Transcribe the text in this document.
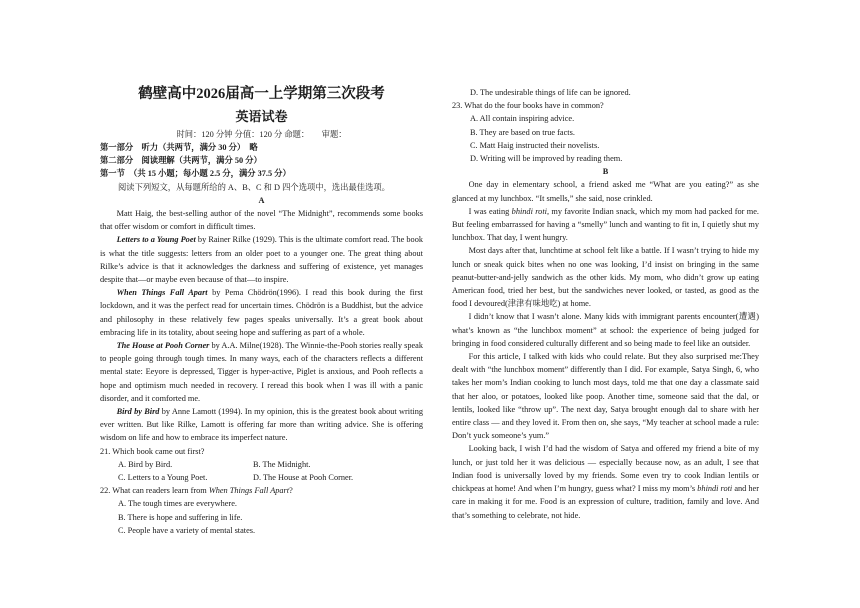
鹤壁高中2026届高一上学期第三次段考
英语试卷
时间：120 分钟 分值：120 分 命题：　　审题：
第一部分　听力（共两节，满分 30 分）　略
第二部分　阅读理解（共两节，满分 50 分）
第一节　（共 15 小题；每小题 2.5 分，满分 37.5 分）
阅读下列短文，从每题所给的 A、B、C 和 D 四个选项中，选出最佳选项。
A

Matt Haig, the best-selling author of the novel “The Midnight”, recommends some books that offer wisdom or comfort in difficult times.

Letters to a Young Poet by Rainer Rilke (1929). This is the ultimate comfort read. The book is what the title suggests: letters from an older poet to a younger one. The great thing about Rilke’s advice is that it acknowledges the darkness and suffering of existence, yet manages despite that—or maybe even because of that—to inspire.

When Things Fall Apart by Pema Chödrön(1996). I read this book during the first lockdown, and it was the perfect read for uncertain times. Chödrön is a Buddhist, but the advice and philosophy in these relatively few pages speaks universally. It’s a great book about embracing life in its totality, about seeing hope and suffering as part of a whole.

The House at Pooh Corner by A.A. Milne(1928). The Winnie-the-Pooh stories really speak to people going through tough times. In many ways, each of the characters reflects a different mental state: Eeyore is depressed, Tigger is hyper-active, Piglet is anxious, and Pooh reflects a hope and optimism much needed in recovery. I reread this book when I was ill with a panic disorder, and it comforted me.

Bird by Bird by Anne Lamott (1994). In my opinion, this is the greatest book about writing ever written. But like Rilke, Lamott is offering far more than writing advice. She is offering wisdom on life and how to embrace its imperfect nature.

21. Which book came out first?
A. Bird by Bird.	B. The Midnight.
C. Letters to a Young Poet.	D. The House at Pooh Corner.
22. What can readers learn from When Things Fall Apart?
A. The tough times are everywhere.
B. There is hope and suffering in life.
C. People have a variety of mental states.
D. The undesirable things of life can be ignored.
23. What do the four books have in common?
A. All contain inspiring advice.
B. They are based on true facts.
C. Matt Haig instructed their novelists.
D. Writing will be improved by reading them.
B

One day in elementary school, a friend asked me “What are you eating?” as she glanced at my lunchbox. “It smells,” she said, nose crinkled.

I was eating bhindi roti, my favorite Indian snack, which my mom had packed for me. But feeling embarrassed for having a “smelly” lunch and wanting to fit in, I quietly shut my lunchbox. That day, I went hungry.

Most days after that, lunchtime at school felt like a battle. If I wasn’t trying to hide my lunch or sneak quick bites when no one was looking, I’d insist on bringing in the same peanut-butter-and-jelly sandwich as the other kids. My mom, who didn’t grow up eating American food, tried her best, but the sandwiches never looked, or tasted, as good as the food I devoured(津津有味地吃) at home.

I didn’t know that I wasn’t alone. Many kids with immigrant parents encounter(遭遇) what’s known as “the lunchbox moment” at school: the experience of being judged for bringing in food considered culturally different and so being made to feel like an outsider.

For this article, I talked with kids who could relate. But they also surprised me:They dealt with “the lunchbox moment” differently than I did. For example, Satya Singh, 6, who takes her mom’s Indian cooking to lunch most days, told me that one day a classmate said that her aloo, or potatoes, looked like poop. Another time, someone said that the dal, or lentils, looked like “throw up”. The next day, Satya brought enough dal to share with her entire class — and they loved it. From then on, she says, “My teacher at school made a rule: Don’t yuck someone’s yum.”

Looking back, I wish I’d had the wisdom of Satya and offered my friend a bite of my lunch, or just told her it was delicious — especially because now, as an adult, I see that Indian food is universally loved by my friends. Some even try to cook Indian lentils or chickpeas at home! And when I’m hungry, guess what? I miss my mom’s bhindi roti and her care in making it for me. Food is an expression of culture, tradition, family and love. And that’s something to celebrate, not hide.
